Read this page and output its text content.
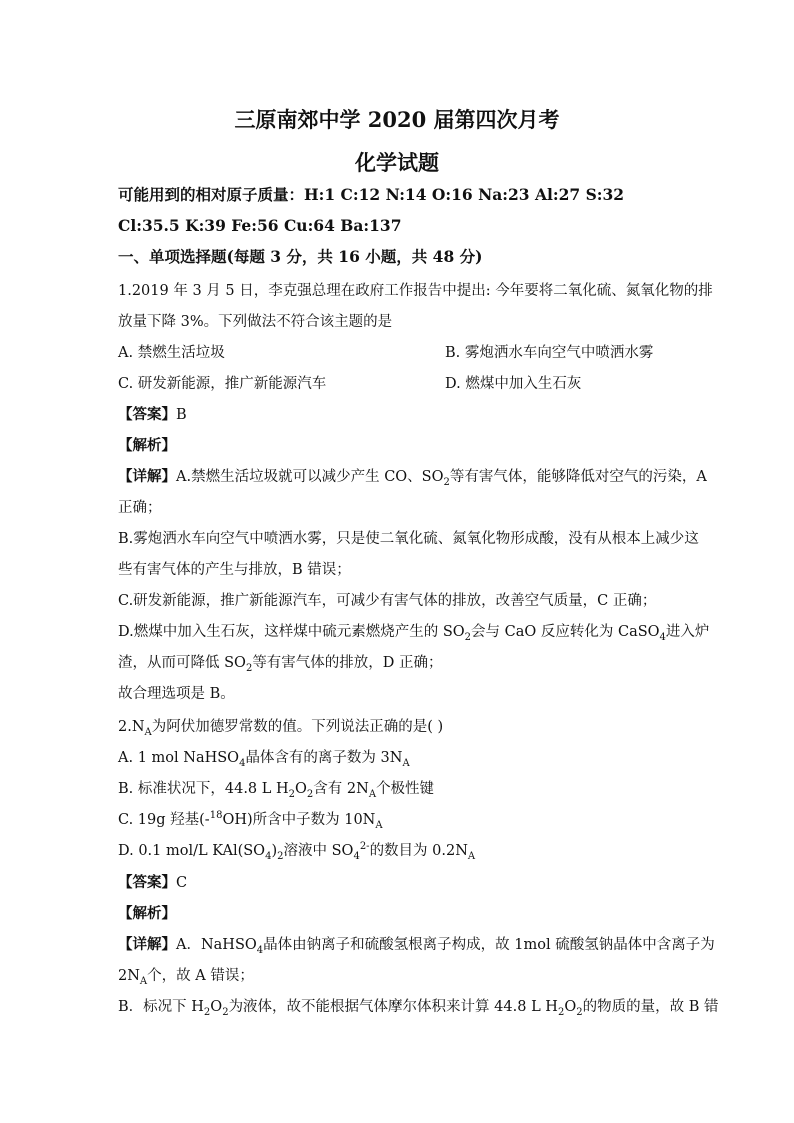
三原南郊中学 2020 届第四次月考
化学试题
可能用到的相对原子质量：H:1 C:12 N:14 O:16 Na:23 Al:27 S:32
Cl:35.5 K:39 Fe:56 Cu:64 Ba:137
一、单项选择题(每题 3 分，共 16 小题，共 48 分)
1.2019 年 3 月 5 日，李克强总理在政府工作报告中提出: 今年要将二氧化硫、氮氧化物的排
放量下降 3%。下列做法不符合该主题的是
A. 禁燃生活垃圾	B. 雾炮洒水车向空气中喷洒水雾
C. 研发新能源，推广新能源汽车	D. 燃煤中加入生石灰
【答案】B
【解析】
【详解】A.禁燃生活垃圾就可以减少产生 CO、$SO_2$等有害气体，能够降低对空气的污染，A
正确；
B.雾炮洒水车向空气中喷洒水雾，只是使二氧化硫、氮氧化物形成酸，没有从根本上减少这
些有害气体的产生与排放，B 错误；
C.研发新能源，推广新能源汽车，可减少有害气体的排放，改善空气质量，C 正确；
D.燃煤中加入生石灰，这样煤中硫元素燃烧产生的 $SO_2$会与 CaO 反应转化为 CaSO$_4$进入炉
渣，从而可降低 $SO_2$等有害气体的排放，D 正确；
故合理选项是 B。
$2.N_A$为阿伏加德罗常数的值。下列说法正确的是( )
A. 1 mol NaHSO$_4$晶体含有的离子数为 $3N_A$
B. 标准状况下，44.8 L $H_2O_2$含有 $2N_A$个极性键
C. 19g 羟基(-$^{18}$OH)所含中子数为 $10N_A$
D. 0.1 mol/L $KAl(SO_4)_2$溶液中 $SO_4^{2-}$的数目为 $0.2N_A$
【答案】C
【解析】
【详解】A．NaHSO$_4$晶体由钠离子和硫酸氢根离子构成，故 1mol 硫酸氢钠晶体中含离子为
$2N_A$个，故 A 错误；
B．标况下 $H_2O_2$为液体，故不能根据气体摩尔体积来计算 44.8 L $H_2O_2$的物质的量，故 B 错
